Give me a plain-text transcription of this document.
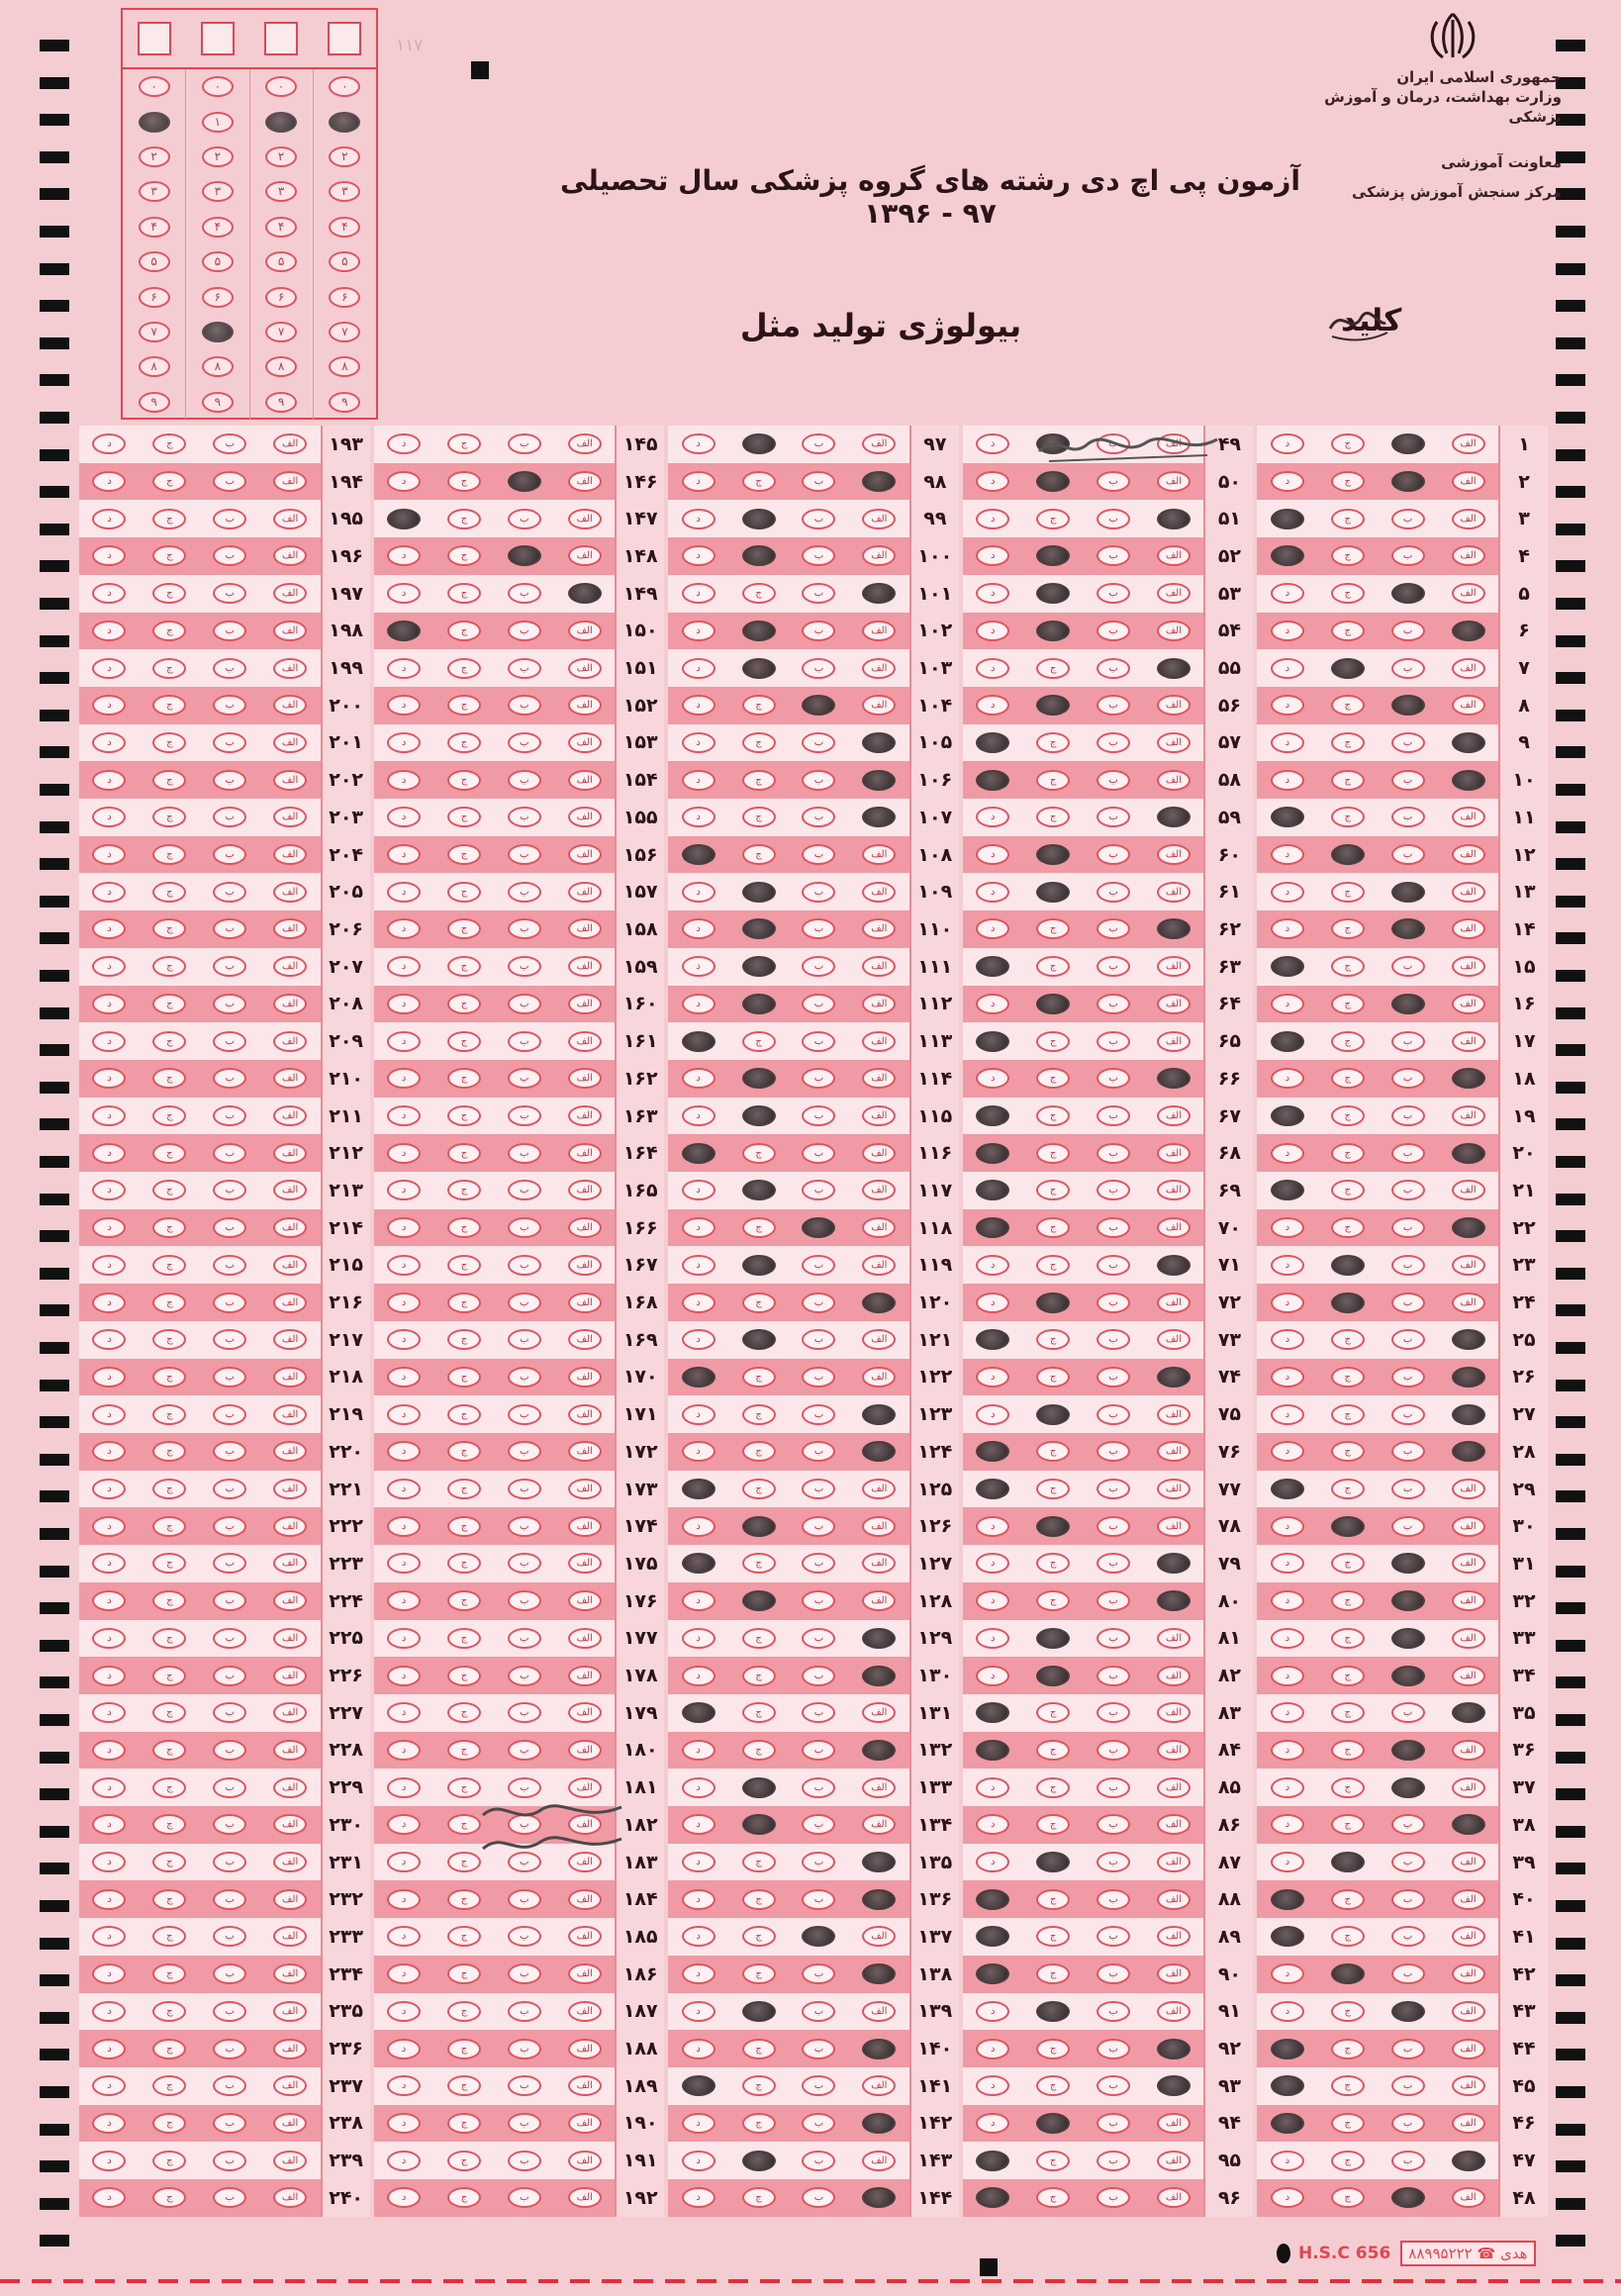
۱۱۷
۰
۲
۳
۴
۵
۶
۷
۸
۹
۰
۱
۲
۳
۴
۵
۶
۸
۹
۰
۲
۳
۴
۵
۶
۷
۸
۹
۰
۲
۳
۴
۵
۶
۷
۸
۹
جمهوری اسلامی ایران
وزارت بهداشت، درمان و آموزش پزشکی
معاونت آموزشی
مرکز سنجش آموزش پزشکی
آزمون پی اچ دی رشته های گروه پزشکی سال تحصیلی ۹۷ - ۱۳۹۶
بیولوژی تولید مثل	کلید
۱
الف
ج
د
۲
الف
ج
د
۳
الف
ب
ج
۴
الف
ب
ج
۵
الف
ج
د
۶
ب
ج
د
۷
الف
ب
د
۸
الف
ج
د
۹
ب
ج
د
۱۰
ب
ج
د
۱۱
الف
ب
ج
۱۲
الف
ب
د
۱۳
الف
ج
د
۱۴
الف
ج
د
۱۵
الف
ب
ج
۱۶
الف
ج
د
۱۷
الف
ب
ج
۱۸
ب
ج
د
۱۹
الف
ب
ج
۲۰
ب
ج
د
۲۱
الف
ب
ج
۲۲
ب
ج
د
۲۳
الف
ب
د
۲۴
الف
ب
د
۲۵
ب
ج
د
۲۶
ب
ج
د
۲۷
ب
ج
د
۲۸
ب
ج
د
۲۹
الف
ب
ج
۳۰
الف
ب
د
۳۱
الف
ج
د
۳۲
الف
ج
د
۳۳
الف
ج
د
۳۴
الف
ج
د
۳۵
ب
ج
د
۳۶
الف
ج
د
۳۷
الف
ج
د
۳۸
ب
ج
د
۳۹
الف
ب
د
۴۰
الف
ب
ج
۴۱
الف
ب
ج
۴۲
الف
ب
د
۴۳
الف
ج
د
۴۴
الف
ب
ج
۴۵
الف
ب
ج
۴۶
الف
ب
ج
۴۷
ب
ج
د
۴۸
الف
ج
د
۴۹
الف
ب
د
۵۰
الف
ب
د
۵۱
ب
ج
د
۵۲
الف
ب
د
۵۳
الف
ب
د
۵۴
الف
ب
د
۵۵
ب
ج
د
۵۶
الف
ب
د
۵۷
الف
ب
ج
۵۸
الف
ب
ج
۵۹
ب
ج
د
۶۰
الف
ب
د
۶۱
الف
ب
د
۶۲
ب
ج
د
۶۳
الف
ب
ج
۶۴
الف
ب
د
۶۵
الف
ب
ج
۶۶
ب
ج
د
۶۷
الف
ب
ج
۶۸
الف
ب
ج
۶۹
الف
ب
ج
۷۰
الف
ب
ج
۷۱
ب
ج
د
۷۲
الف
ب
د
۷۳
الف
ب
ج
۷۴
ب
ج
د
۷۵
الف
ب
د
۷۶
الف
ب
ج
۷۷
الف
ب
ج
۷۸
الف
ب
د
۷۹
ب
ج
د
۸۰
ب
ج
د
۸۱
الف
ب
د
۸۲
الف
ب
د
۸۳
الف
ب
ج
۸۴
الف
ب
ج
۸۵
الف
ب
ج
د
۸۶
الف
ب
ج
د
۸۷
الف
ب
د
۸۸
الف
ب
ج
۸۹
الف
ب
ج
۹۰
الف
ب
ج
۹۱
الف
ب
د
۹۲
ب
ج
د
۹۳
ب
ج
د
۹۴
الف
ب
د
۹۵
الف
ب
ج
۹۶
الف
ب
ج
۹۷
الف
ب
د
۹۸
ب
ج
د
۹۹
الف
ب
د
۱۰۰
الف
ب
د
۱۰۱
ب
ج
د
۱۰۲
الف
ب
د
۱۰۳
الف
ب
د
۱۰۴
الف
ج
د
۱۰۵
ب
ج
د
۱۰۶
ب
ج
د
۱۰۷
ب
ج
د
۱۰۸
الف
ب
ج
۱۰۹
الف
ب
د
۱۱۰
الف
ب
د
۱۱۱
الف
ب
د
۱۱۲
الف
ب
د
۱۱۳
الف
ب
ج
۱۱۴
الف
ب
د
۱۱۵
الف
ب
د
۱۱۶
الف
ب
ج
۱۱۷
الف
ب
د
۱۱۸
الف
ج
د
۱۱۹
الف
ب
د
۱۲۰
ب
ج
د
۱۲۱
الف
ب
د
۱۲۲
الف
ب
ج
۱۲۳
ب
ج
د
۱۲۴
ب
ج
د
۱۲۵
الف
ب
ج
۱۲۶
الف
ب
د
۱۲۷
الف
ب
ج
۱۲۸
الف
ب
د
۱۲۹
ب
ج
د
۱۳۰
ب
ج
د
۱۳۱
الف
ب
ج
۱۳۲
ب
ج
د
۱۳۳
الف
ب
د
۱۳۴
الف
ب
د
۱۳۵
ب
ج
د
۱۳۶
ب
ج
د
۱۳۷
الف
ج
د
۱۳۸
ب
ج
د
۱۳۹
الف
ب
د
۱۴۰
ب
ج
د
۱۴۱
الف
ب
ج
۱۴۲
ب
ج
د
۱۴۳
الف
ب
د
۱۴۴
ب
ج
د
۱۴۵
الف
ب
ج
د
۱۴۶
الف
ج
د
۱۴۷
الف
ب
ج
۱۴۸
الف
ج
د
۱۴۹
ب
ج
د
۱۵۰
الف
ب
ج
۱۵۱
الف
ب
ج
د
۱۵۲
الف
ب
ج
د
۱۵۳
الف
ب
ج
د
۱۵۴
الف
ب
ج
د
۱۵۵
الف
ب
ج
د
۱۵۶
الف
ب
ج
د
۱۵۷
الف
ب
ج
د
۱۵۸
الف
ب
ج
د
۱۵۹
الف
ب
ج
د
۱۶۰
الف
ب
ج
د
۱۶۱
الف
ب
ج
د
۱۶۲
الف
ب
ج
د
۱۶۳
الف
ب
ج
د
۱۶۴
الف
ب
ج
د
۱۶۵
الف
ب
ج
د
۱۶۶
الف
ب
ج
د
۱۶۷
الف
ب
ج
د
۱۶۸
الف
ب
ج
د
۱۶۹
الف
ب
ج
د
۱۷۰
الف
ب
ج
د
۱۷۱
الف
ب
ج
د
۱۷۲
الف
ب
ج
د
۱۷۳
الف
ب
ج
د
۱۷۴
الف
ب
ج
د
۱۷۵
الف
ب
ج
د
۱۷۶
الف
ب
ج
د
۱۷۷
الف
ب
ج
د
۱۷۸
الف
ب
ج
د
۱۷۹
الف
ب
ج
د
۱۸۰
الف
ب
ج
د
۱۸۱
الف
ب
ج
د
۱۸۲
الف
ب
ج
د
۱۸۳
الف
ب
ج
د
۱۸۴
الف
ب
ج
د
۱۸۵
الف
ب
ج
د
۱۸۶
الف
ب
ج
د
۱۸۷
الف
ب
ج
د
۱۸۸
الف
ب
ج
د
۱۸۹
الف
ب
ج
د
۱۹۰
الف
ب
ج
د
۱۹۱
الف
ب
ج
د
۱۹۲
الف
ب
ج
د
۱۹۳
الف
ب
ج
د
۱۹۴
الف
ب
ج
د
۱۹۵
الف
ب
ج
د
۱۹۶
الف
ب
ج
د
۱۹۷
الف
ب
ج
د
۱۹۸
الف
ب
ج
د
۱۹۹
الف
ب
ج
د
۲۰۰
الف
ب
ج
د
۲۰۱
الف
ب
ج
د
۲۰۲
الف
ب
ج
د
۲۰۳
الف
ب
ج
د
۲۰۴
الف
ب
ج
د
۲۰۵
الف
ب
ج
د
۲۰۶
الف
ب
ج
د
۲۰۷
الف
ب
ج
د
۲۰۸
الف
ب
ج
د
۲۰۹
الف
ب
ج
د
۲۱۰
الف
ب
ج
د
۲۱۱
الف
ب
ج
د
۲۱۲
الف
ب
ج
د
۲۱۳
الف
ب
ج
د
۲۱۴
الف
ب
ج
د
۲۱۵
الف
ب
ج
د
۲۱۶
الف
ب
ج
د
۲۱۷
الف
ب
ج
د
۲۱۸
الف
ب
ج
د
۲۱۹
الف
ب
ج
د
۲۲۰
الف
ب
ج
د
۲۲۱
الف
ب
ج
د
۲۲۲
الف
ب
ج
د
۲۲۳
الف
ب
ج
د
۲۲۴
الف
ب
ج
د
۲۲۵
الف
ب
ج
د
۲۲۶
الف
ب
ج
د
۲۲۷
الف
ب
ج
د
۲۲۸
الف
ب
ج
د
۲۲۹
الف
ب
ج
د
۲۳۰
الف
ب
ج
د
۲۳۱
الف
ب
ج
د
۲۳۲
الف
ب
ج
د
۲۳۳
الف
ب
ج
د
۲۳۴
الف
ب
ج
د
۲۳۵
الف
ب
ج
د
۲۳۶
الف
ب
ج
د
۲۳۷
الف
ب
ج
د
۲۳۸
الف
ب
ج
د
۲۳۹
الف
ب
ج
د
۲۴۰
الف
ب
ج
د
H.S.C 656	هدی ☎ ۸۸۹۹۵۲۲۲
